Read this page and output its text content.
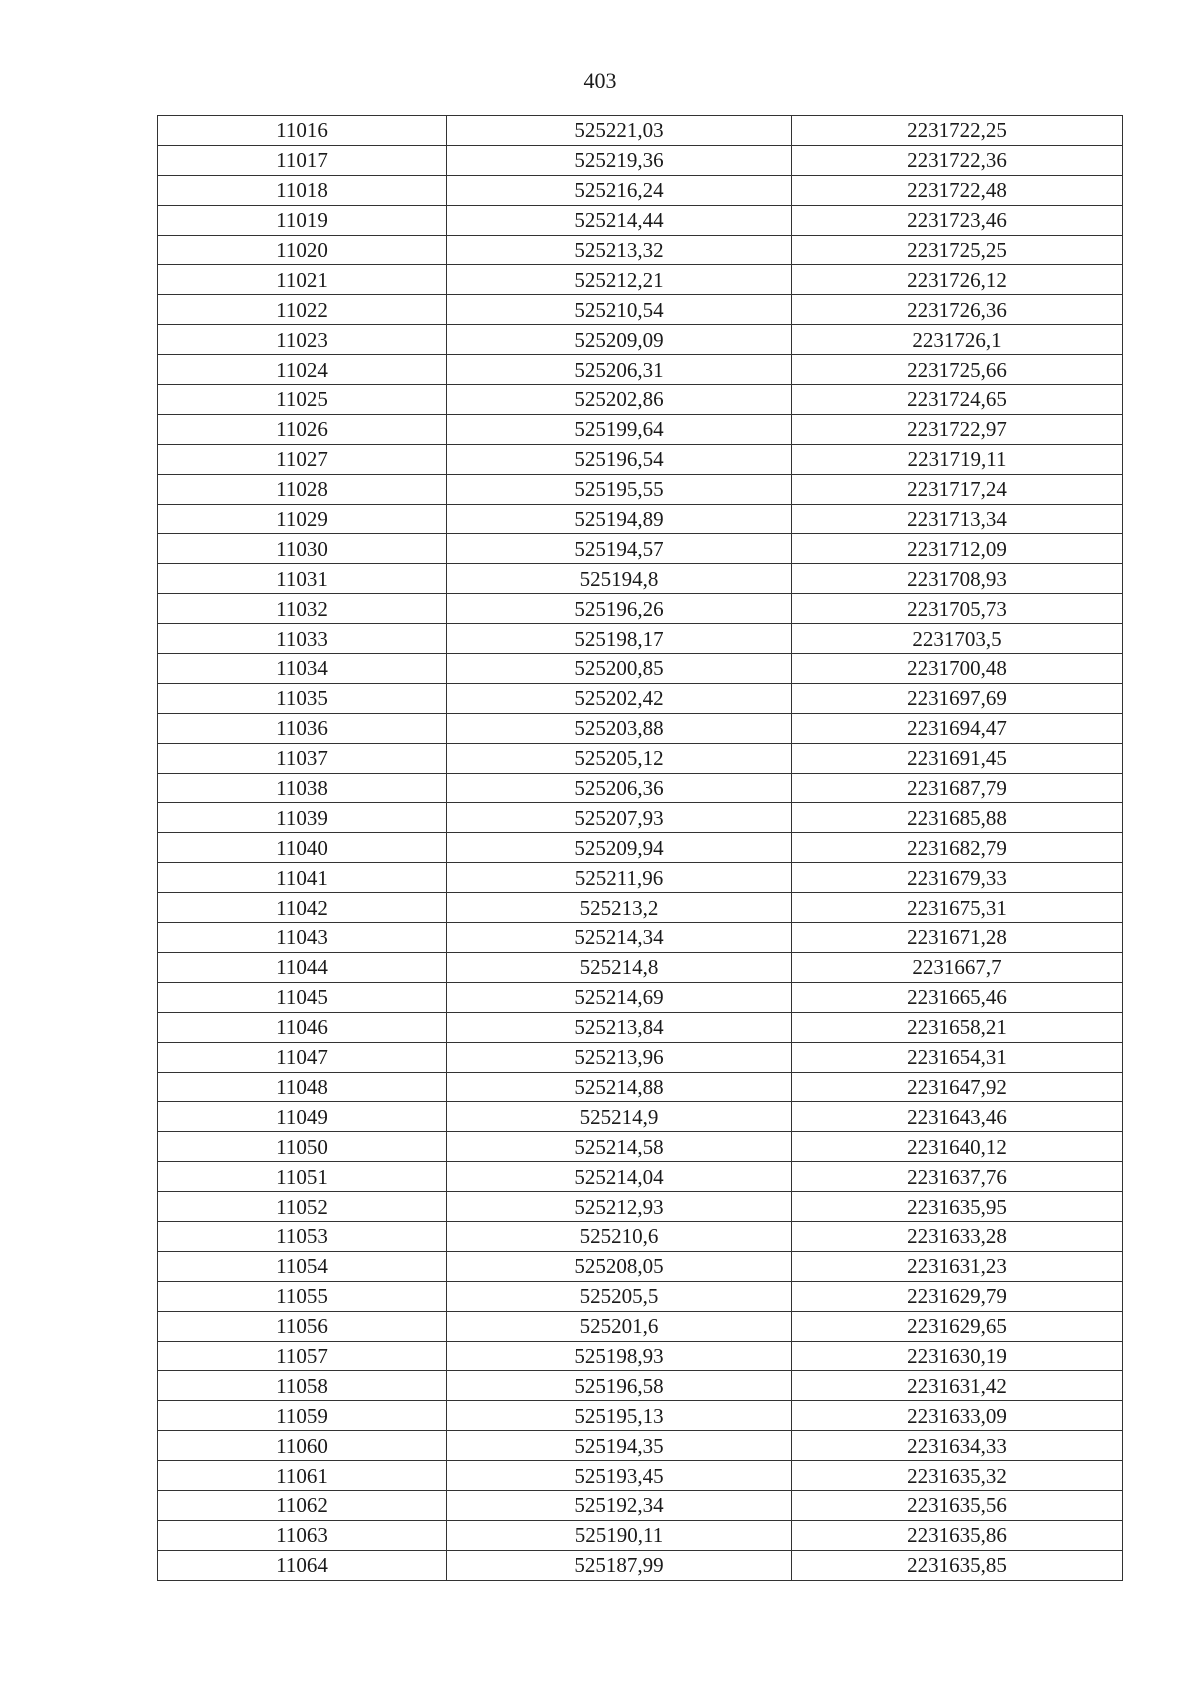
403
11016	525221,03	2231722,25
11017	525219,36	2231722,36
11018	525216,24	2231722,48
11019	525214,44	2231723,46
11020	525213,32	2231725,25
11021	525212,21	2231726,12
11022	525210,54	2231726,36
11023	525209,09	2231726,1
11024	525206,31	2231725,66
11025	525202,86	2231724,65
11026	525199,64	2231722,97
11027	525196,54	2231719,11
11028	525195,55	2231717,24
11029	525194,89	2231713,34
11030	525194,57	2231712,09
11031	525194,8	2231708,93
11032	525196,26	2231705,73
11033	525198,17	2231703,5
11034	525200,85	2231700,48
11035	525202,42	2231697,69
11036	525203,88	2231694,47
11037	525205,12	2231691,45
11038	525206,36	2231687,79
11039	525207,93	2231685,88
11040	525209,94	2231682,79
11041	525211,96	2231679,33
11042	525213,2	2231675,31
11043	525214,34	2231671,28
11044	525214,8	2231667,7
11045	525214,69	2231665,46
11046	525213,84	2231658,21
11047	525213,96	2231654,31
11048	525214,88	2231647,92
11049	525214,9	2231643,46
11050	525214,58	2231640,12
11051	525214,04	2231637,76
11052	525212,93	2231635,95
11053	525210,6	2231633,28
11054	525208,05	2231631,23
11055	525205,5	2231629,79
11056	525201,6	2231629,65
11057	525198,93	2231630,19
11058	525196,58	2231631,42
11059	525195,13	2231633,09
11060	525194,35	2231634,33
11061	525193,45	2231635,32
11062	525192,34	2231635,56
11063	525190,11	2231635,86
11064	525187,99	2231635,85
